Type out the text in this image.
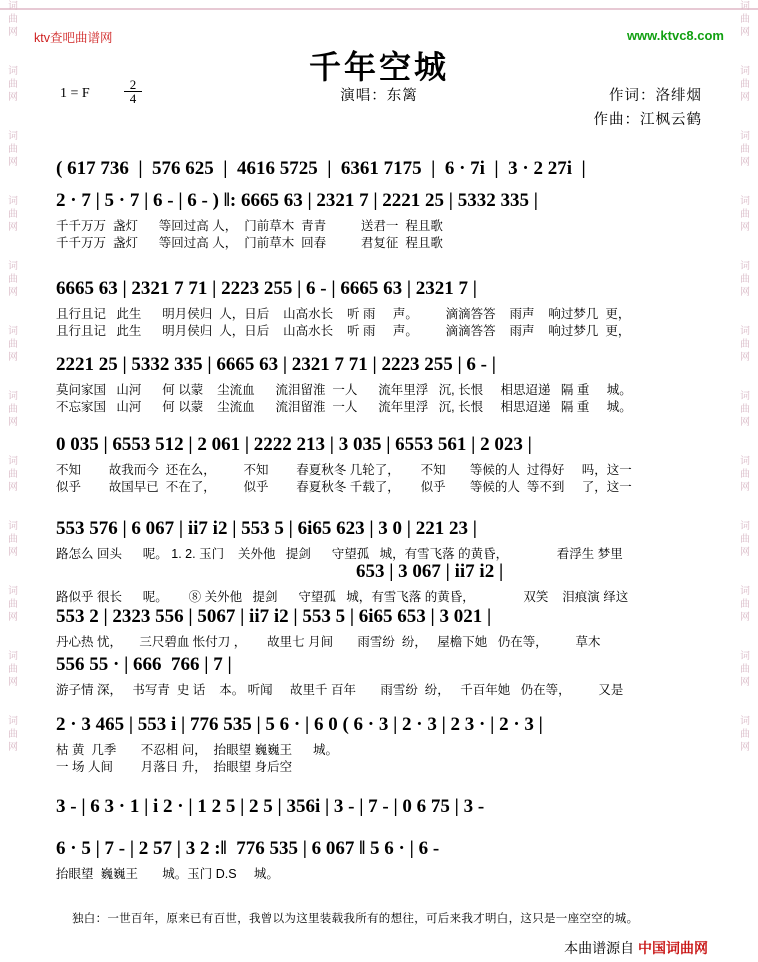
词
曲
网
词
曲
网
词
曲
网
词
曲
网
词
曲
网
词
曲
网
词
曲
网
词
曲
网
词
曲
网
词
曲
网
词
曲
网
词
曲
网
词
曲
网
词
曲
网
词
曲
网
词
曲
网
词
曲
网
词
曲
网
词
曲
网
词
曲
网
词
曲
网
词
曲
网
词
曲
网
词
曲
网
ktv查吧曲谱网	www.ktvc8.com
千年空城
演唱：东篱	作词：洛绯烟
作曲：江枫云鹤
1 = F	$\frac{2}{4}$
( 617 736  |  576 625  |  4616 5725  |  6361 7175  |  6 · 7i  |  3 · 2 27i  |
2 · 7 | 5 · 7 | 6 - | 6 - ) ‖: 6665 63 | 2321 7 | 2221 25 | 5332 335 |
千千万万  盏灯      等回过高 人，  门前草木  青青          送君一  程且歌
千千万万  盏灯      等回过高 人，  门前草木  回春          君复征  程且歌
6665 63 | 2321 7 71 | 2223 255 | 6 - | 6665 63 | 2321 7 |
且行且记   此生      明月侯归  人，日后    山高水长    听 雨     声。        滴滴答答    雨声    响过梦几  更，
且行且记   此生      明月侯归  人，日后    山高水长    听 雨     声。        滴滴答答    雨声    响过梦几  更，
2221 25 | 5332 335 | 6665 63 | 2321 7 71 | 2223 255 | 6 - |
莫问家国   山河      何 以蒙    尘流血      流泪留淮  一人      流年里浮   沉, 长恨     相思迢递   隔 重     城。
不忘家国   山河      何 以蒙    尘流血      流泪留淮  一人      流年里浮   沉, 长恨     相思迢递   隔 重     城。
0 035 | 6553 512 | 2 061 | 2222 213 | 3 035 | 6553 561 | 2 023 |
不知        故我而今  还在么，        不知        春夏秋冬 几轮了，      不知       等候的人  过得好     吗，这一
似乎        故国早已  不在了，        似乎        春夏秋冬 千载了，      似乎       等候的人  等不到     了，这一
553 576 | 6 067 | ii7 i2 | 553 5 | 6i65 623 | 3 0 | 221 23 |
路怎么 回头      呢。 1. 2. 玉门    关外他   提剑      守望孤   城，有雪飞落 的黄昏，              看浮生 梦里
653 | 3 067 | ii7 i2 |
路似乎 很长      呢。      ⑧ 关外他   提剑      守望孤   城，有雪飞落 的黄昏，              双笑    泪痕演 绎这
553 2 | 2323 556 | 5067 | ii7 i2 | 553 5 | 6i65 653 | 3 021 |
丹心热 忧，     三尺碧血 怅付刀 ，      故里七 月间       雨雪纷  纷，   屋檐下她   仍在等，        草木
556 55 · | 666  766 | 7 |
游子情 深，   书写青  史 话    本。 听闻     故里千 百年       雨雪纷  纷，   千百年她   仍在等，        又是
2 · 3 465 | 553 i | 776 535 | 5 6 · | 6 0 ( 6 · 3 | 2 · 3 | 2 3 · | 2 · 3 |
枯 黄  几季       不忍相 问，  抬眼望 巍巍王      城。
一 场 人间        月落日 升，  抬眼望 身后空
3 - | 6 3 · 1 | i 2 · | 1 2 5 | 2 5 | 356i | 3 - | 7 - | 0 6 75 | 3 -
6 · 5 | 7 - | 2 57 | 3 2 :‖  776 535 | 6 067 ‖ 5 6 · | 6 -
抬眼望  巍巍王       城。玉门 D.S     城。
独白：一世百年，原来已有百世，我曾以为这里装载我所有的想往，可后来我才明白，这只是一座空空的城。
本曲谱源自 中国词曲网
